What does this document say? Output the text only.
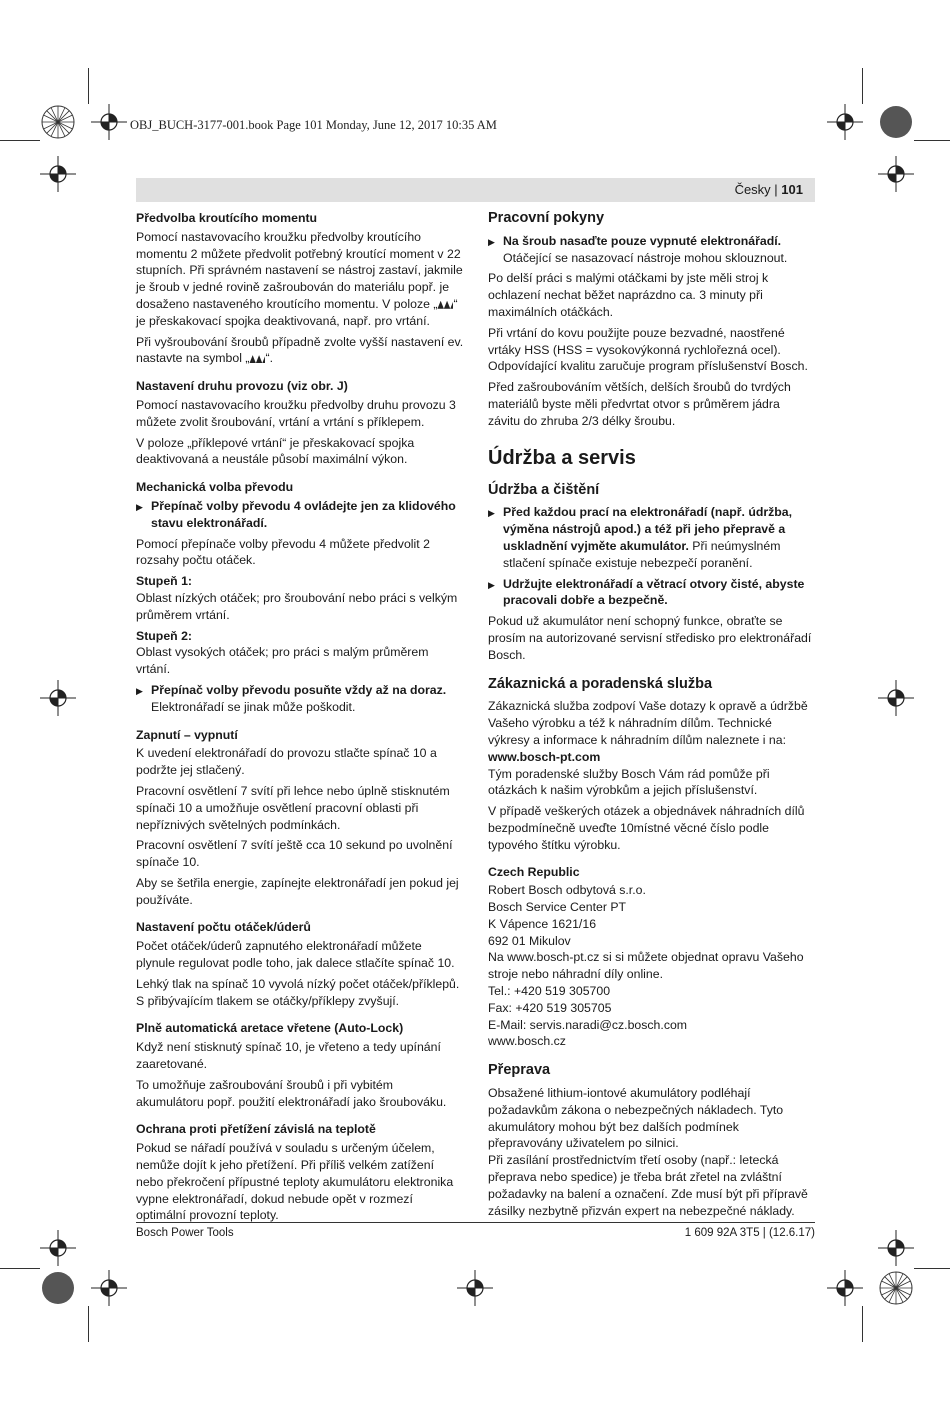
OBJ_BUCH-3177-001.book Page 101 Monday, June 12, 2017 10:35 AM
Česky | 101
Předvolba kroutícího momentu

Pomocí nastavovacího kroužku předvolby kroutícího momentu 2 můžete předvolit potřebný kroutící moment v 22 stupních. Při správném nastavení se nástroj zastaví, jakmile je šroub v jedné rovině zašroubován do materiálu popř. je dosaženo nastaveného kroutícího momentu. V poloze „ “ je přeskakovací spojka deaktivovaná, např. pro vrtání.

Při vyšroubování šroubů případně zvolte vyšší nastavení ev. nastavte na symbol „ “.

Nastavení druhu provozu (viz obr. J)

Pomocí nastavovacího kroužku předvolby druhu provozu 3 můžete zvolit šroubování, vrtání a vrtání s příklepem.

V poloze „příklepové vrtání“ je přeskakovací spojka deaktivovaná a neustále působí maximální výkon.

Mechanická volba převodu
▶ Přepínač volby převodu 4 ovládejte jen za klidového stavu elektronářadí.

Pomocí přepínače volby převodu 4 můžete předvolit 2 rozsahy počtu otáček.

Stupeň 1:

Oblast nízkých otáček; pro šroubování nebo práci s velkým průměrem vrtání.

Stupeň 2:

Oblast vysokých otáček; pro práci s malým průměrem vrtání.

▶ Přepínač volby převodu posuňte vždy až na doraz. Elektronářadí se jinak může poškodit.
Zapnutí – vypnutí

K uvedení elektronářadí do provozu stlačte spínač 10 a podržte jej stlačený.

Pracovní osvětlení 7 svítí při lehce nebo úplně stisknutém spínači 10 a umožňuje osvětlení pracovní oblasti při nepříznivých světelných podmínkách.

Pracovní osvětlení 7 svítí ještě cca 10 sekund po uvolnění spínače 10.

Aby se šetřila energie, zapínejte elektronářadí jen pokud jej používáte.

Nastavení počtu otáček/úderů

Počet otáček/úderů zapnutého elektronářadí můžete plynule regulovat podle toho, jak dalece stlačíte spínač 10.

Lehký tlak na spínač 10 vyvolá nízký počet otáček/příklepů. S přibývajícím tlakem se otáčky/příklepy zvyšují.

Plně automatická aretace vřetene (Auto-Lock)

Když není stisknutý spínač 10, je vřeteno a tedy upínání zaaretované.

To umožňuje zašroubování šroubů i při vybitém akumulátoru popř. použití elektronářadí jako šroubováku.

Ochrana proti přetížení závislá na teplotě

Pokud se nářadí používá v souladu s určeným účelem, nemůže dojít k jeho přetížení. Při příliš velkém zatížení nebo překročení přípustné teploty akumulátoru elektronika vypne elektronářadí, dokud nebude opět v rozmezí optimální provozní teploty.

Pracovní pokyny
▶ Na šroub nasaďte pouze vypnuté elektronářadí. Otáčející se nasazovací nástroje mohou sklouznout.

Po delší práci s malými otáčkami by jste měli stroj k ochlazení nechat běžet naprázdno ca. 3 minuty při maximálních otáčkách.

Při vrtání do kovu použijte pouze bezvadné, naostřené vrtáky HSS (HSS = vysokovýkonná rychlořezná ocel). Odpovídající kvalitu zaručuje program příslušenství Bosch.

Před zašroubováním větších, delších šroubů do tvrdých materiálů byste měli předvrtat otvor s průměrem jádra závitu do zhruba 2/3 délky šroubu.

Údržba a servis
Údržba a čištění
▶ Před každou prací na elektronářadí (např. údržba, výměna nástrojů apod.) a též při jeho přepravě a uskladnění vyjměte akumulátor. Při neúmyslném stlačení spínače existuje nebezpečí poranění.
▶ Udržujte elektronářadí a větrací otvory čisté, abyste pracovali dobře a bezpečně.

Pokud už akumulátor není schopný funkce, obraťte se prosím na autorizované servisní středisko pro elektronářadí Bosch.

Zákaznická a poradenská služba

Zákaznická služba zodpoví Vaše dotazy k opravě a údržbě Vašeho výrobku a též k náhradním dílům. Technické výkresy a informace k náhradním dílům naleznete i na:

www.bosch-pt.com

Tým poradenské služby Bosch Vám rád pomůže při otázkách k našim výrobkům a jejich příslušenství.

V případě veškerých otázek a objednávek náhradních dílů bezpodmínečně uveďte 10místné věcné číslo podle typového štítku výrobku.

Czech Republic
Robert Bosch odbytová s.r.o.
Bosch Service Center PT
K Vápence 1621/16
692 01 Mikulov
Na www.bosch-pt.cz si si můžete objednat opravu Vašeho stroje nebo náhradní díly online.
Tel.: +420 519 305700
Fax: +420 519 305705
E-Mail: servis.naradi@cz.bosch.com
www.bosch.cz
Přeprava

Obsažené lithium-iontové akumulátory podléhají požadavkům zákona o nebezpečných nákladech. Tyto akumulátory mohou být bez dalších podmínek přepravovány uživatelem po silnici.

Při zasílání prostřednictvím třetí osoby (např.: letecká přeprava nebo spedice) je třeba brát zřetel na zvláštní požadavky na balení a označení. Zde musí být při přípravě zásilky nezbytně přizván expert na nebezpečné náklady.

Bosch Power Tools	1 609 92A 3T5 | (12.6.17)
